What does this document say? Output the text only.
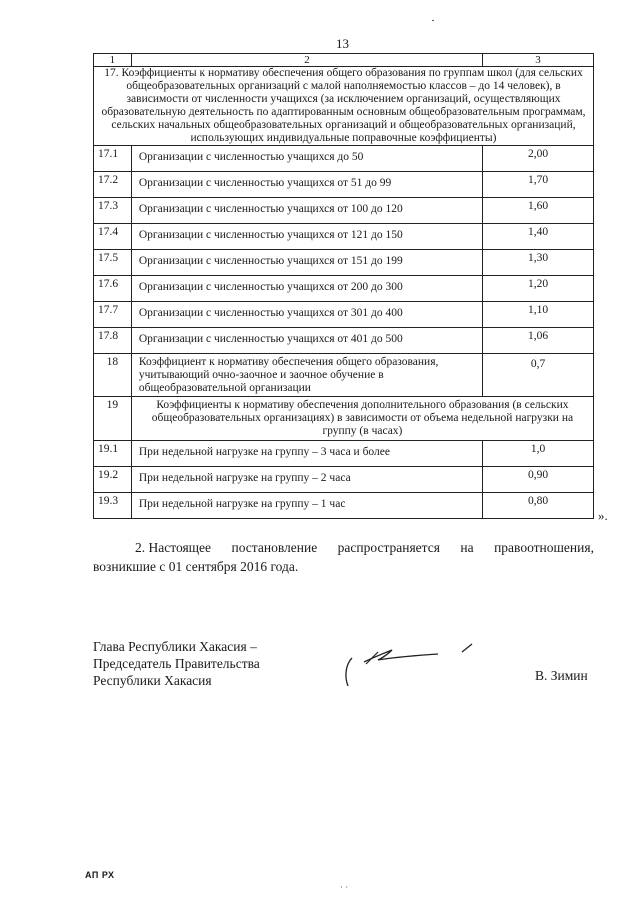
13
1	2	3
17. Коэффициенты к нормативу обеспечения общего образования по группам школ (для сельских общеобразовательных организаций с малой наполняемостью классов – до 14 человек), в зависимости от численности учащихся (за исключением организаций, осуществляющих образовательную деятельность по адаптированным основным общеобразовательным программам, сельских начальных общеобразовательных организаций и общеобразовательных организаций, использующих индивидуальные поправочные коэффициенты)		
17.1	Организации с численностью учащихся до 50	2,00
17.2	Организации с численностью учащихся от 51 до 99	1,70
17.3	Организации с численностью учащихся от 100 до 120	1,60
17.4	Организации с численностью учащихся от 121 до 150	1,40
17.5	Организации с численностью учащихся от 151 до 199	1,30
17.6	Организации с численностью учащихся от 200 до 300	1,20
17.7	Организации с численностью учащихся от 301 до 400	1,10
17.8	Организации с численностью учащихся от 401 до 500	1,06
18	Коэффициент к нормативу обеспечения общего образования, учитывающий очно-заочное и заочное обучение в общеобразовательной организации	0,7
19	Коэффициенты к нормативу обеспечения дополнительного образования (в сельских общеобразовательных организациях) в зависимости от объема недельной нагрузки на группу (в часах)	
19.1	При недельной нагрузке на группу – 3 часа и более	1,0
19.2	При недельной нагрузке на группу – 2 часа	0,90
19.3	При недельной нагрузке на группу – 1 час	0,80
».
2. Настоящее постановление распространяется на правоотношения,
возникшие с 01 сентября 2016 года.
Глава Республики Хакасия –
Председатель Правительства
Республики Хакасия	В. Зимин
· ·
АП РХ
